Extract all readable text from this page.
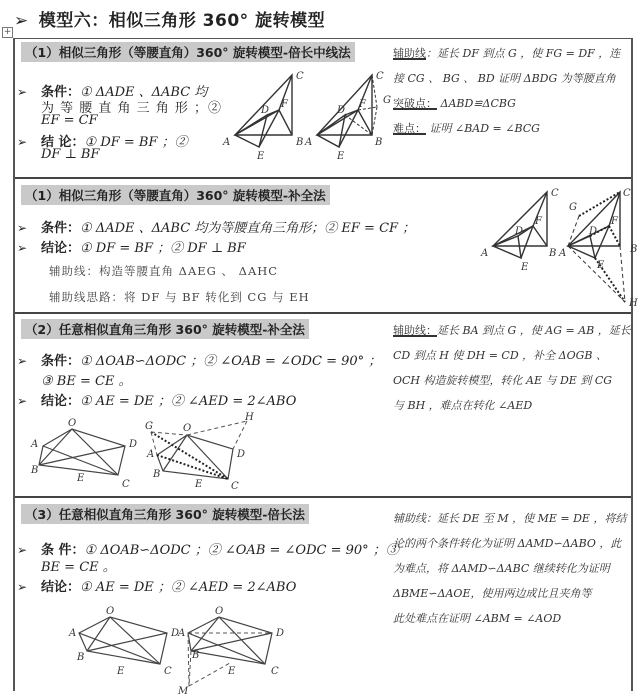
➢ 模型六：相似三角形 360° 旋转模型
+
（1）相似三角形（等腰直角）360° 旋转模型-倍长中线法
➢ 条件：① ΔADE 、ΔABC 均
为 等 腰 直 角 三 角 形 ；②
EF = CF
➢ 结 论：① DF = BF ；②
DF ⊥ BF
A	B
C
D
E
F
A	B
C
D
E
F G
辅助线：延长 DF 到点 G ，使 FG = DF ，连
接 CG 、 BG 、 BD 证明 ΔBDG 为等腰直角
突破点： ΔABD≌ΔCBG
难点： 证明 ∠BAD = ∠BCG
（1）相似三角形（等腰直角）360° 旋转模型-补全法
➢ 条件：① ΔADE 、ΔABC 均为等腰直角三角形；② EF = CF ；
➢ 结论：① DF = BF ；② DF ⊥ BF
辅助线：构造等腰直角 ΔAEG 、 ΔAHC
辅助线思路：将 DF 与 BF 转化到 CG 与 EH
A	B
C
D
E
F
A	B
C
G
D
E
F
H
（2）任意相似直角三角形 360° 旋转模型-补全法
➢ 条件：① ΔOAB∽ΔODC ；② ∠OAB = ∠ODC = 90° ；
③ BE = CE 。
➢ 结论：① AE = DE ；② ∠AED = 2∠ABO
A
B
C
D
E
O
A
B
C
D
E
G
H
O
辅助线：延长 BA 到点 G ，使 AG = AB ，延长
CD 到点 H 使 DH = CD ，补全 ΔOGB 、
OCH 构造旋转模型，转化 AE 与 DE 到 CG
与 BH ，难点在转化 ∠AED
（3）任意相似直角三角形 360° 旋转模型-倍长法
➢ 条 件：① ΔOAB∽ΔODC ；② ∠OAB = ∠ODC = 90° ；③
BE = CE 。
➢ 结论：① AE = DE ；② ∠AED = 2∠ABO
A
B
C
D
E
O
A
B
C
D
E
O
M
辅助线：延长 DE 至 M ，使 ME = DE ，将结
论的两个条件转化为证明 ΔAMD∽ΔABO ，此
为难点，将 ΔAMD∽ΔABC 继续转化为证明
ΔBME∽ΔAOE，使用两边成比且夹角等
此处难点在证明 ∠ABM = ∠AOD
